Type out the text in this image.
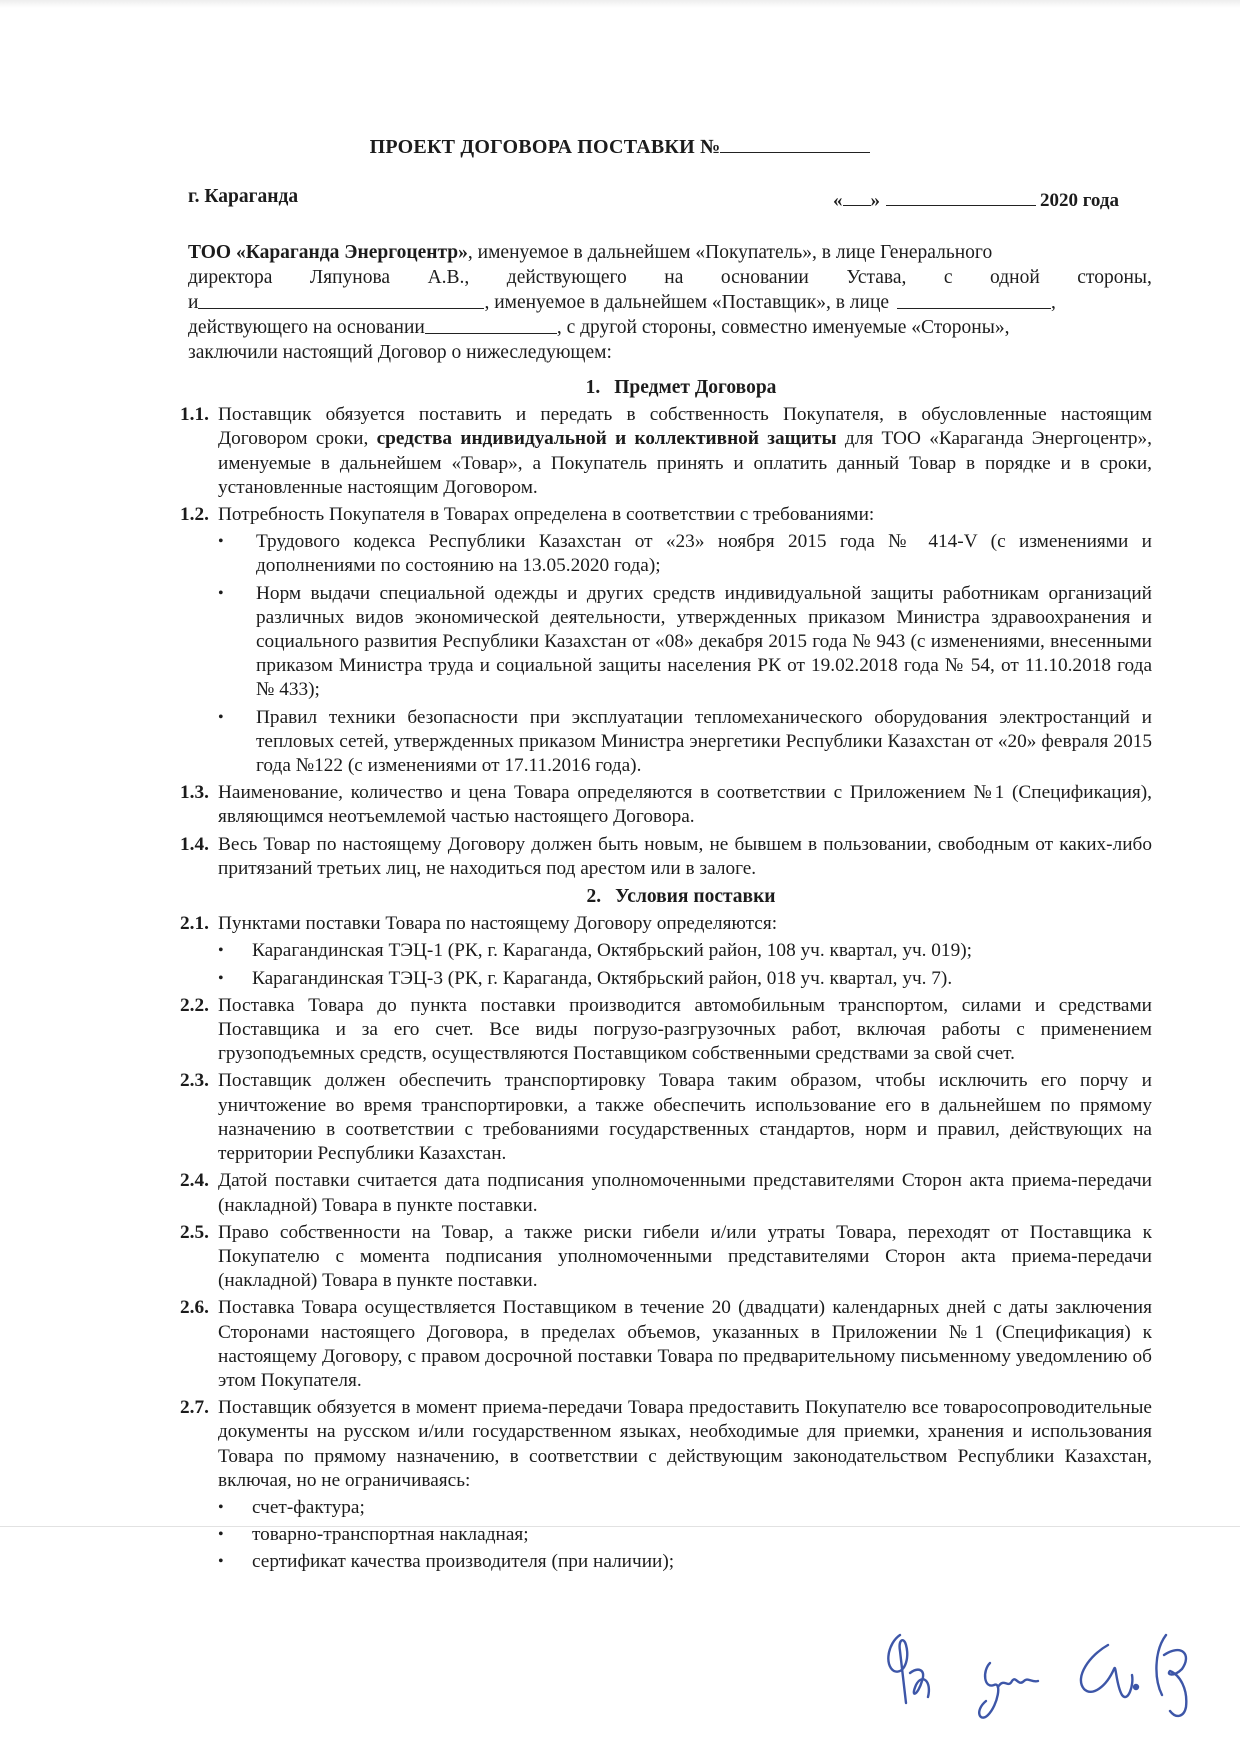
ПРОЕКТ ДОГОВОРА ПОСТАВКИ №
г. Караганда	« »	2020 года
ТОО «Караганда Энергоцентр», именуемое в дальнейшем «Покупатель», в лице Генерального
директора Ляпунова А.В., действующего на основании Устава, с одной стороны,
и	, именуемое в дальнейшем «Поставщик», в лице	,
действующего на основании	, с другой стороны, совместно именуемые «Стороны»,
заключили настоящий Договор о нижеследующем:
1. Предмет Договора
1.1. Поставщик обязуется поставить и передать в собственность Покупателя, в обусловленные настоящим Договором сроки, средства индивидуальной и коллективной защиты для ТОО «Караганда Энергоцентр», именуемые в дальнейшем «Товар», а Покупатель принять и оплатить данный Товар в порядке и в сроки, установленные настоящим Договором.
1.2. Потребность Покупателя в Товарах определена в соответствии с требованиями:
•	Трудового кодекса Республики Казахстан от «23» ноября 2015 года № 414-V (с изменениями и дополнениями по состоянию на 13.05.2020 года);
•	Норм выдачи специальной одежды и других средств индивидуальной защиты работникам организаций различных видов экономической деятельности, утвержденных приказом Министра здравоохранения и социального развития Республики Казахстан от «08» декабря 2015 года № 943 (с изменениями, внесенными приказом Министра труда и социальной защиты населения РК от 19.02.2018 года № 54, от 11.10.2018 года № 433);
•	Правил техники безопасности при эксплуатации тепломеханического оборудования электростанций и тепловых сетей, утвержденных приказом Министра энергетики Республики Казахстан от «20» февраля 2015 года №122 (с изменениями от 17.11.2016 года).
1.3. Наименование, количество и цена Товара определяются в соответствии с Приложением №1 (Спецификация), являющимся неотъемлемой частью настоящего Договора.
1.4. Весь Товар по настоящему Договору должен быть новым, не бывшем в пользовании, свободным от каких-либо притязаний третьих лиц, не находиться под арестом или в залоге.
2. Условия поставки
2.1. Пунктами поставки Товара по настоящему Договору определяются:
•	Карагандинская ТЭЦ-1 (РК, г. Караганда, Октябрьский район, 108 уч. квартал, уч. 019);
•	Карагандинская ТЭЦ-3 (РК, г. Караганда, Октябрьский район, 018 уч. квартал, уч. 7).
2.2. Поставка Товара до пункта поставки производится автомобильным транспортом, силами и средствами Поставщика и за его счет. Все виды погрузо-разгрузочных работ, включая работы с применением грузоподъемных средств, осуществляются Поставщиком собственными средствами за свой счет.
2.3. Поставщик должен обеспечить транспортировку Товара таким образом, чтобы исключить его порчу и уничтожение во время транспортировки, а также обеспечить использование его в дальнейшем по прямому назначению в соответствии с требованиями государственных стандартов, норм и правил, действующих на территории Республики Казахстан.
2.4. Датой поставки считается дата подписания уполномоченными представителями Сторон акта приема-передачи (накладной) Товара в пункте поставки.
2.5. Право собственности на Товар, а также риски гибели и/или утраты Товара, переходят от Поставщика к Покупателю с момента подписания уполномоченными представителями Сторон акта приема-передачи (накладной) Товара в пункте поставки.
2.6. Поставка Товара осуществляется Поставщиком в течение 20 (двадцати) календарных дней с даты заключения Сторонами настоящего Договора, в пределах объемов, указанных в Приложении №1 (Спецификация) к настоящему Договору, с правом досрочной поставки Товара по предварительному письменному уведомлению об этом Покупателя.
2.7. Поставщик обязуется в момент приема-передачи Товара предоставить Покупателю все товаросопроводительные документы на русском и/или государственном языках, необходимые для приемки, хранения и использования Товара по прямому назначению, в соответствии с действующим законодательством Республики Казахстан, включая, но не ограничиваясь:
•	счет-фактура;
•	товарно-транспортная накладная;
•	сертификат качества производителя (при наличии);
